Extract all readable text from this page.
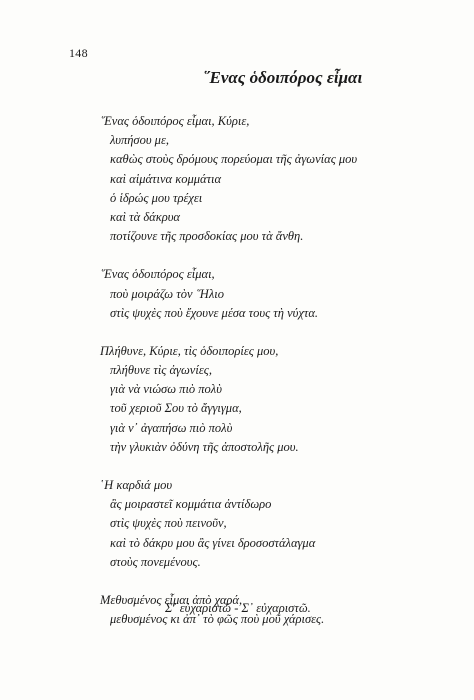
148
῞Ενας ὁδοιπόρος εἶμαι
῞Ενας ὁδοιπόρος εἶμαι, Κύριε,
λυπήσου με,
καθὼς στοὺς δρόμους πορεύομαι τῆς ἀγωνίας μου
καὶ αἱμάτινα κομμάτια
ὁ ἱδρώς μου τρέχει
καὶ τὰ δάκρυα
ποτίζουνε τῆς προσδοκίας μου τὰ ἄνθη.
῞Ενας ὁδοιπόρος εἶμαι,
ποὺ μοιράζω τὸν ῞Ηλιο
στὶς ψυχὲς ποὺ ἔχουνε μέσα τους τὴ νύχτα.
Πλήθυνε, Κύριε, τὶς ὁδοιπορίες μου,
πλήθυνε τὶς ἀγωνίες,
γιὰ νὰ νιώσω πιὸ πολὺ
τοῦ χεριοῦ Σου τὸ ἄγγιγμα,
γιὰ ν᾿ ἀγαπήσω πιὸ πολὺ
τὴν γλυκιὰν ὀδύνη τῆς ἀποστολῆς μου.
῾Η καρδιά μου
ἂς μοιραστεῖ κομμάτια ἀντίδωρο
στὶς ψυχὲς ποὺ πεινοῦν,
καὶ τὸ δάκρυ μου ἂς γίνει δροσοστάλαγμα
στοὺς πονεμένους.
Μεθυσμένος εἶμαι ἀπὸ χαρά,
μεθυσμένος κι ἀπ᾿ τὸ φῶς ποὺ μοῦ χάρισες.
Σ᾿ εὐχαριστῶ - Σ᾿ εὐχαριστῶ.
